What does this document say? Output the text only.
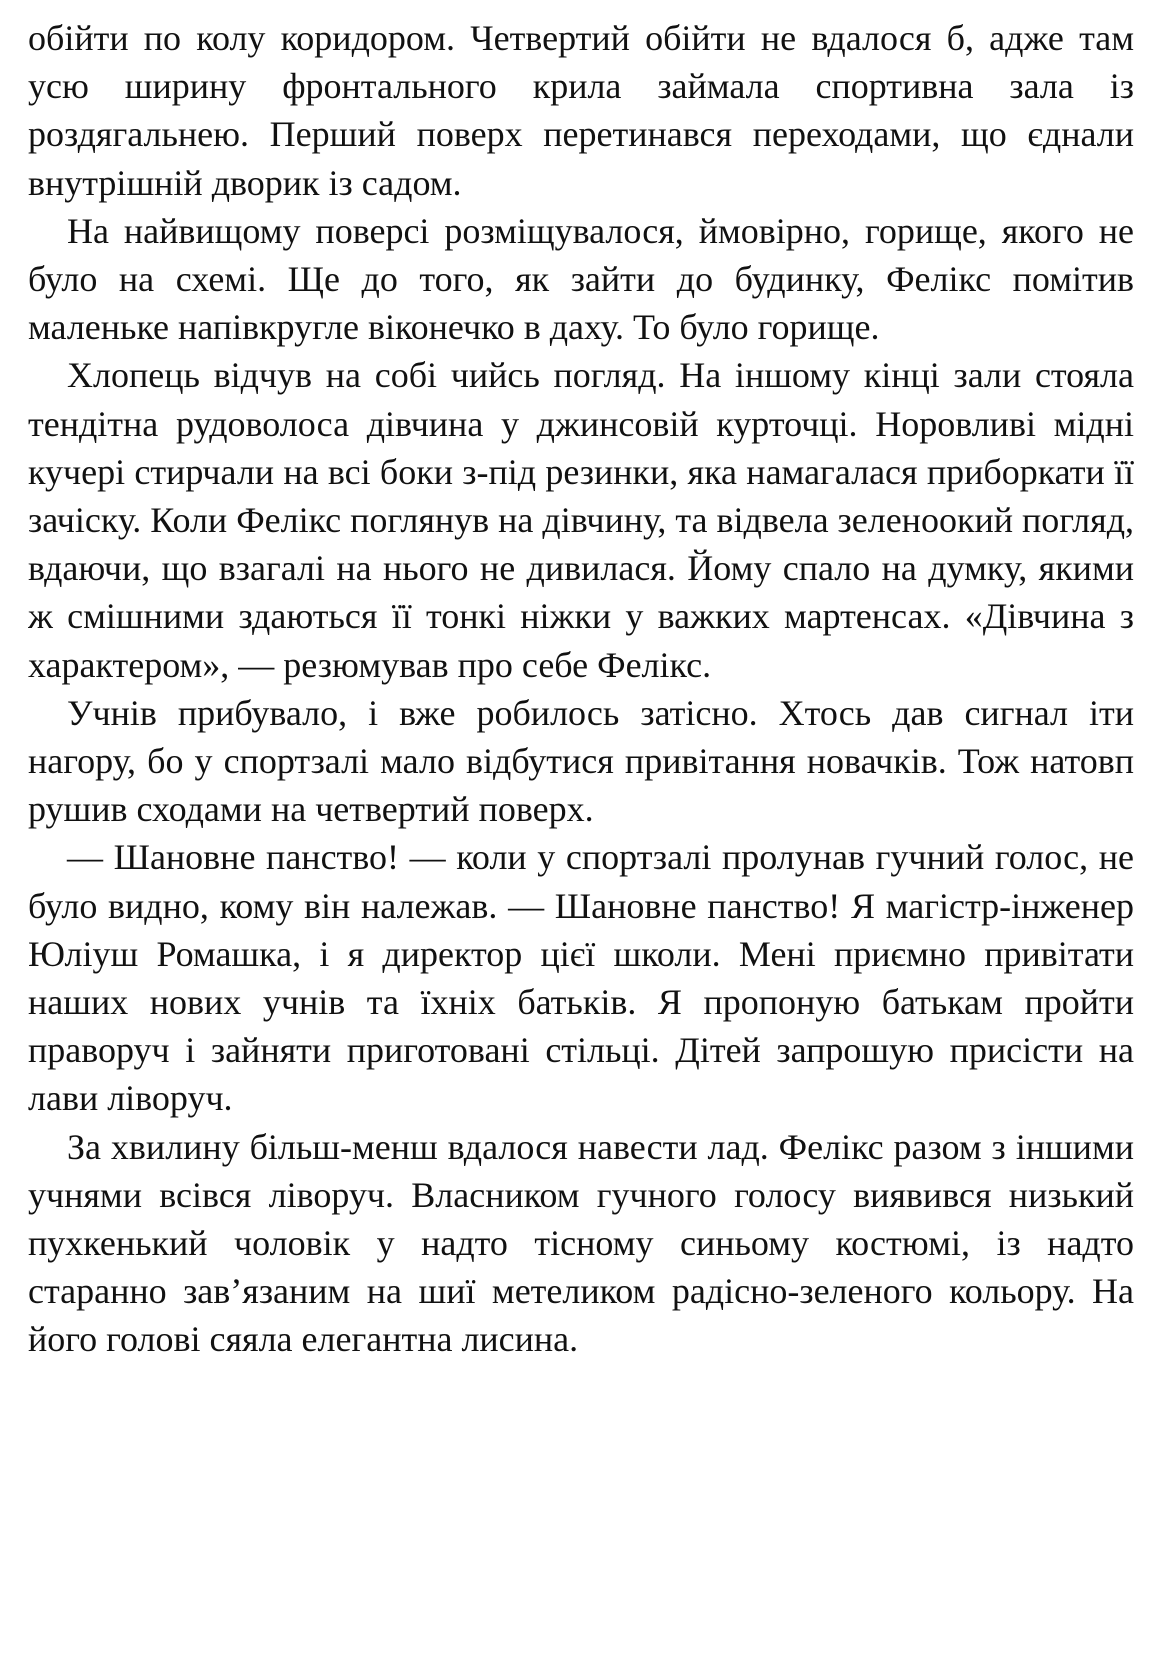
обійти по колу коридором. Четвертий обійти не вдалося б, адже там усю ширину фронтального крила займала спортивна зала із роздягальнею. Перший поверх перетинався переходами, що єднали внутрішній дворик із садом.

На найвищому поверсі розміщувалося, ймовірно, горище, якого не було на схемі. Ще до того, як зайти до будинку, Фелікс помітив маленьке напівкругле віконечко в даху. То було горище.

Хлопець відчув на собі чийсь погляд. На іншому кінці зали стояла тендітна рудоволоса дівчина у джинсовій курточці. Норовливі мідні кучері стирчали на всі боки з-під резинки, яка намагалася приборкати її зачіску. Коли Фелікс поглянув на дівчину, та відвела зеленоокий погляд, вдаючи, що взагалі на нього не дивилася. Йому спало на думку, якими ж смішними здаються її тонкі ніжки у важких мартенсах. «Дівчина з характером», — резюмував про себе Фелікс.

Учнів прибувало, і вже робилось затісно. Хтось дав сигнал іти нагору, бо у спортзалі мало відбутися привітання новачків. Тож натовп рушив сходами на четвертий поверх.

— Шановне панство! — коли у спортзалі пролунав гучний голос, не було видно, кому він належав. — Шановне панство! Я магістр-інженер Юліуш Ромашка, і я директор цієї школи. Мені приємно привітати наших нових учнів та їхніх батьків. Я пропоную батькам пройти праворуч і зайняти приготовані стільці. Дітей запрошую присісти на лави ліворуч.

За хвилину більш-менш вдалося навести лад. Фелікс разом з іншими учнями всівся ліворуч. Власником гучного голосу виявився низький пухкенький чоловік у надто тісному синьому костюмі, із надто старанно зав’язаним на шиї метеликом радісно-зеленого кольору. На його голові сяяла елегантна лисина.
